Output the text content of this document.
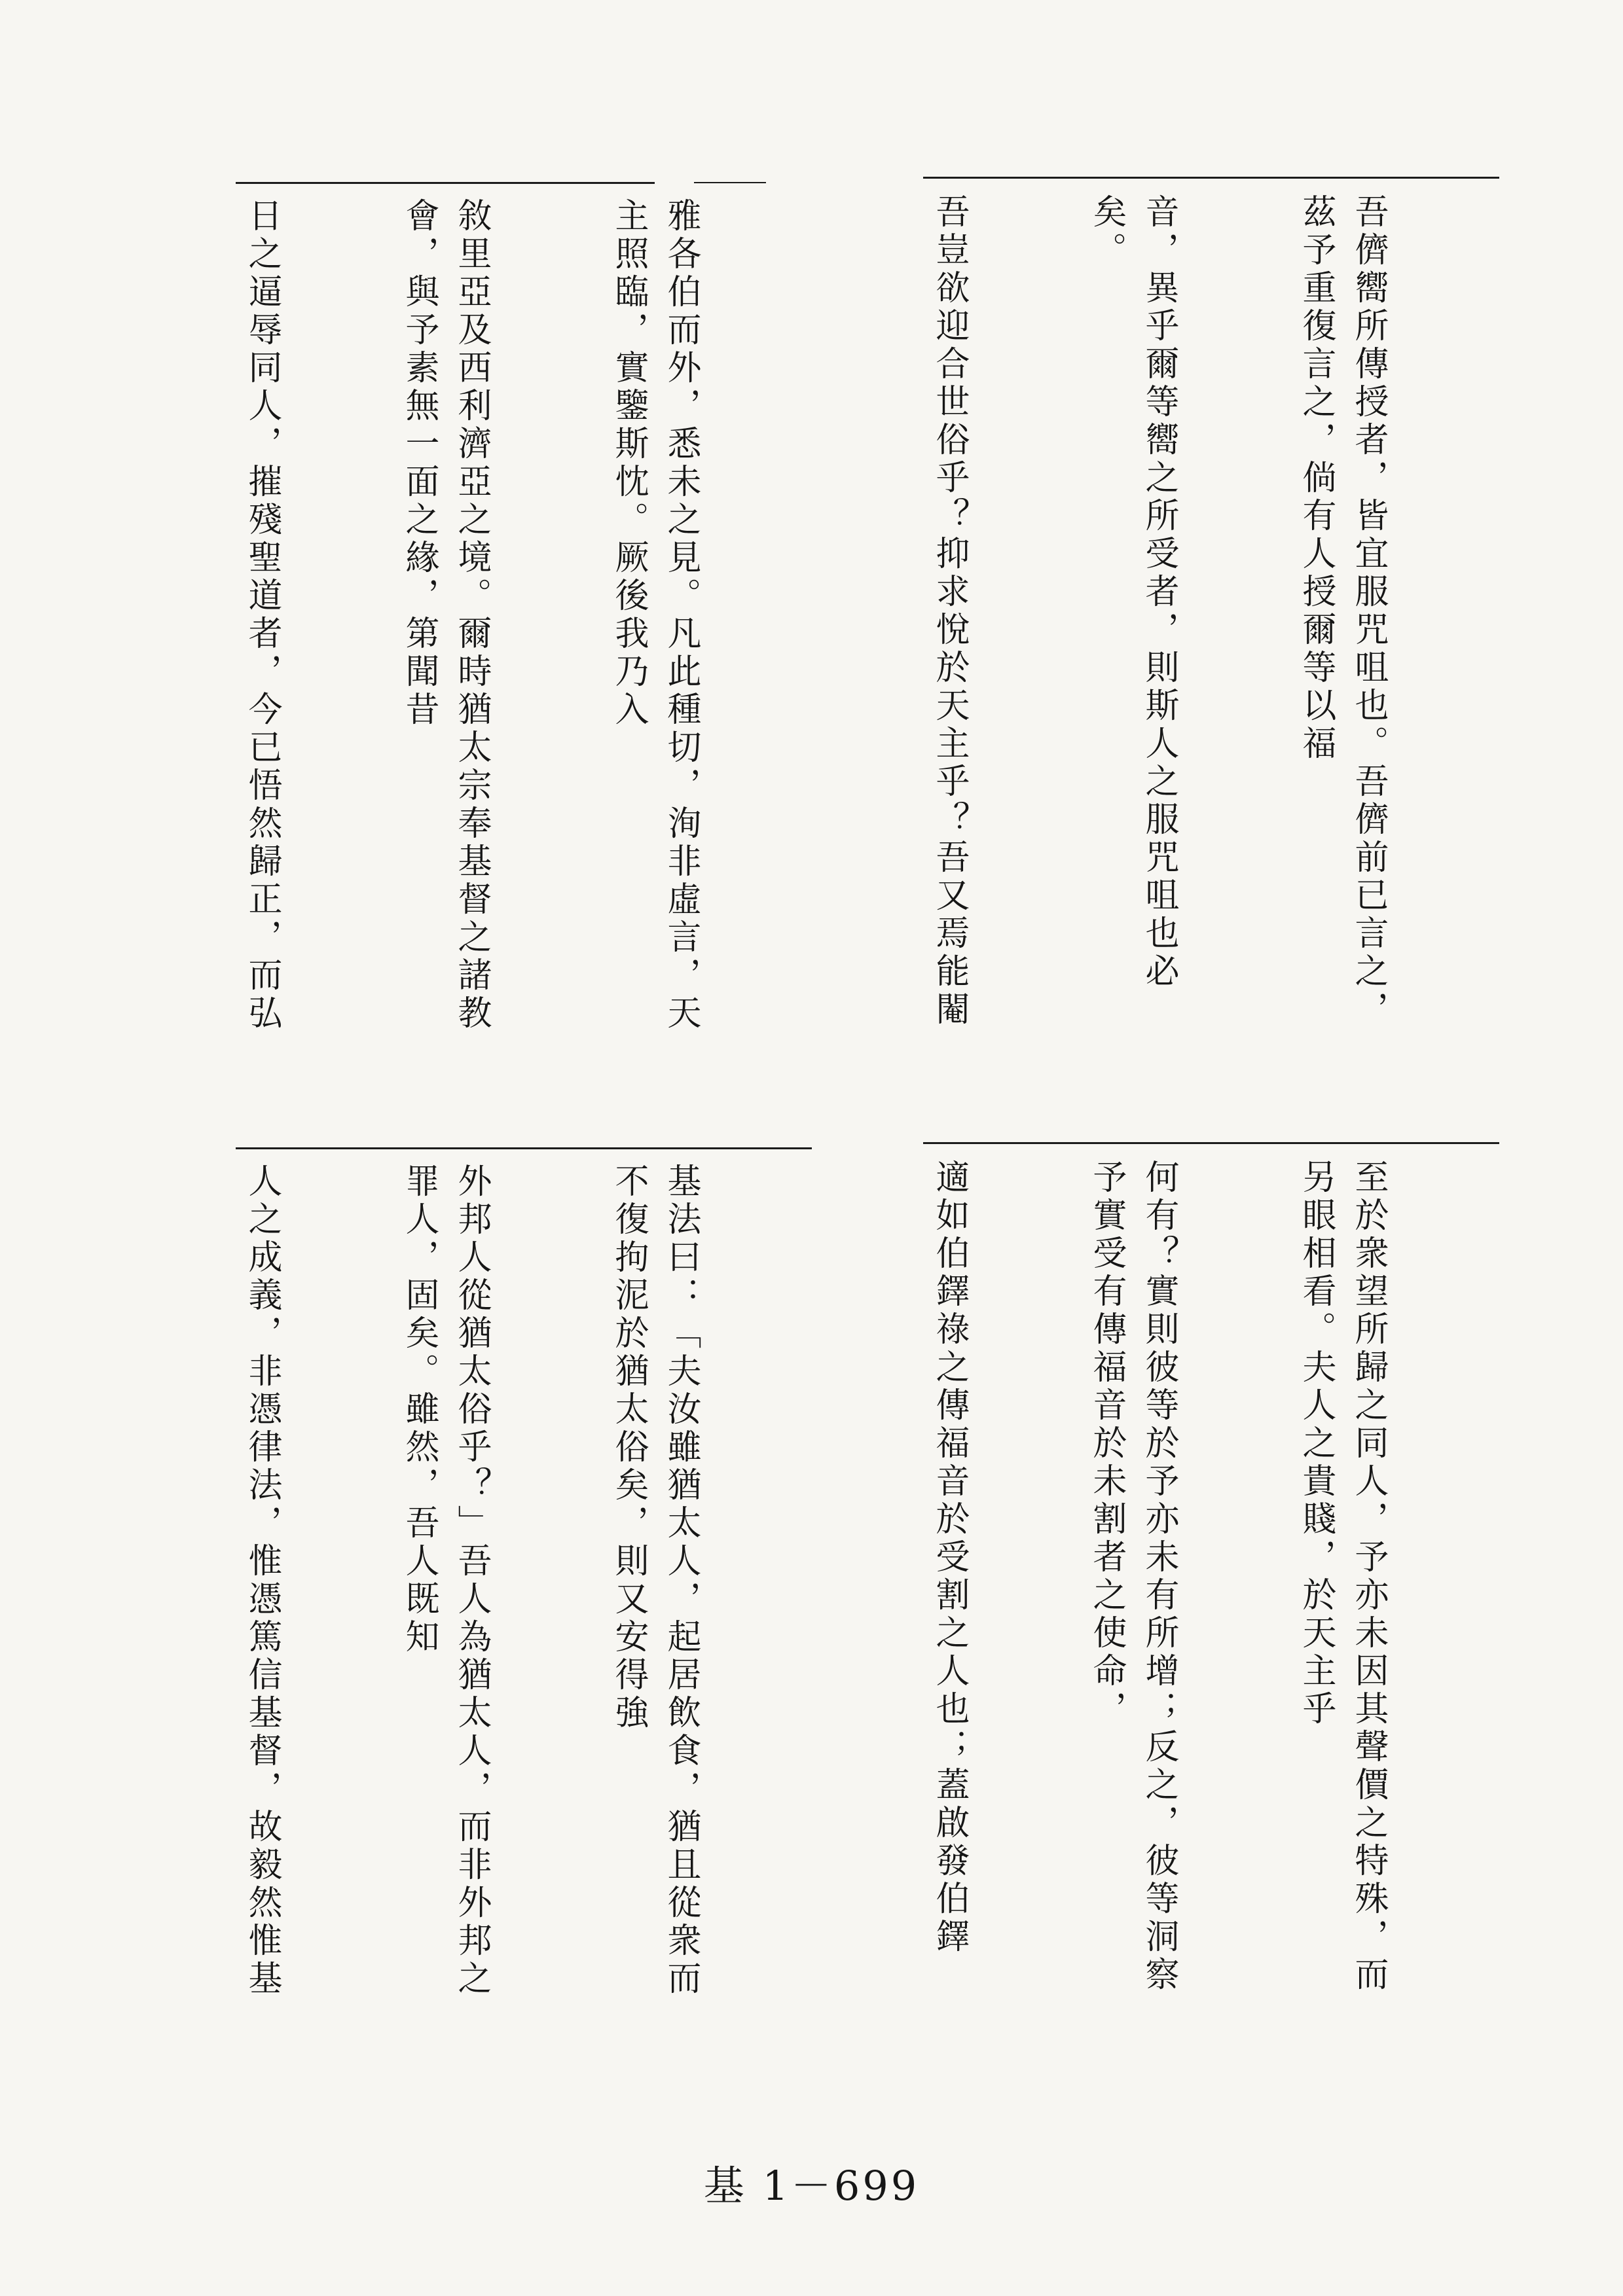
吾儕嚮所傳授者，皆宜服咒咀也。吾儕前已言之，茲予重復言之，倘有人授爾等以福

音，異乎爾等嚮之所受者，則斯人之服咒咀也必矣。

吾豈欲迎合世俗乎？抑求悅於天主乎？吾又焉能閹

雅各伯而外，悉未之見。凡此種切，洵非虛言，天主照臨，實鑒斯忱。厥後我乃入

敘里亞及西利濟亞之境。爾時猶太宗奉基督之諸教會，與予素無一面之緣，第聞昔

日之逼辱同人，摧殘聖道者，今已悟然歸正，而弘

至於衆望所歸之同人，予亦未因其聲價之特殊，而另眼相看。夫人之貴賤，於天主乎

何有？實則彼等於予亦未有所增；反之，彼等洞察予實受有傳福音於未割者之使命，

適如伯鐸祿之傳福音於受割之人也；蓋啟發伯鐸

基法曰：「夫汝雖猶太人，起居飲食，猶且從衆而不復拘泥於猶太俗矣，則又安得強

外邦人從猶太俗乎？」吾人為猶太人，而非外邦之罪人，固矣。雖然，吾人既知

人之成義，非憑律法，惟憑篤信基督，故毅然惟基

基 1－699
